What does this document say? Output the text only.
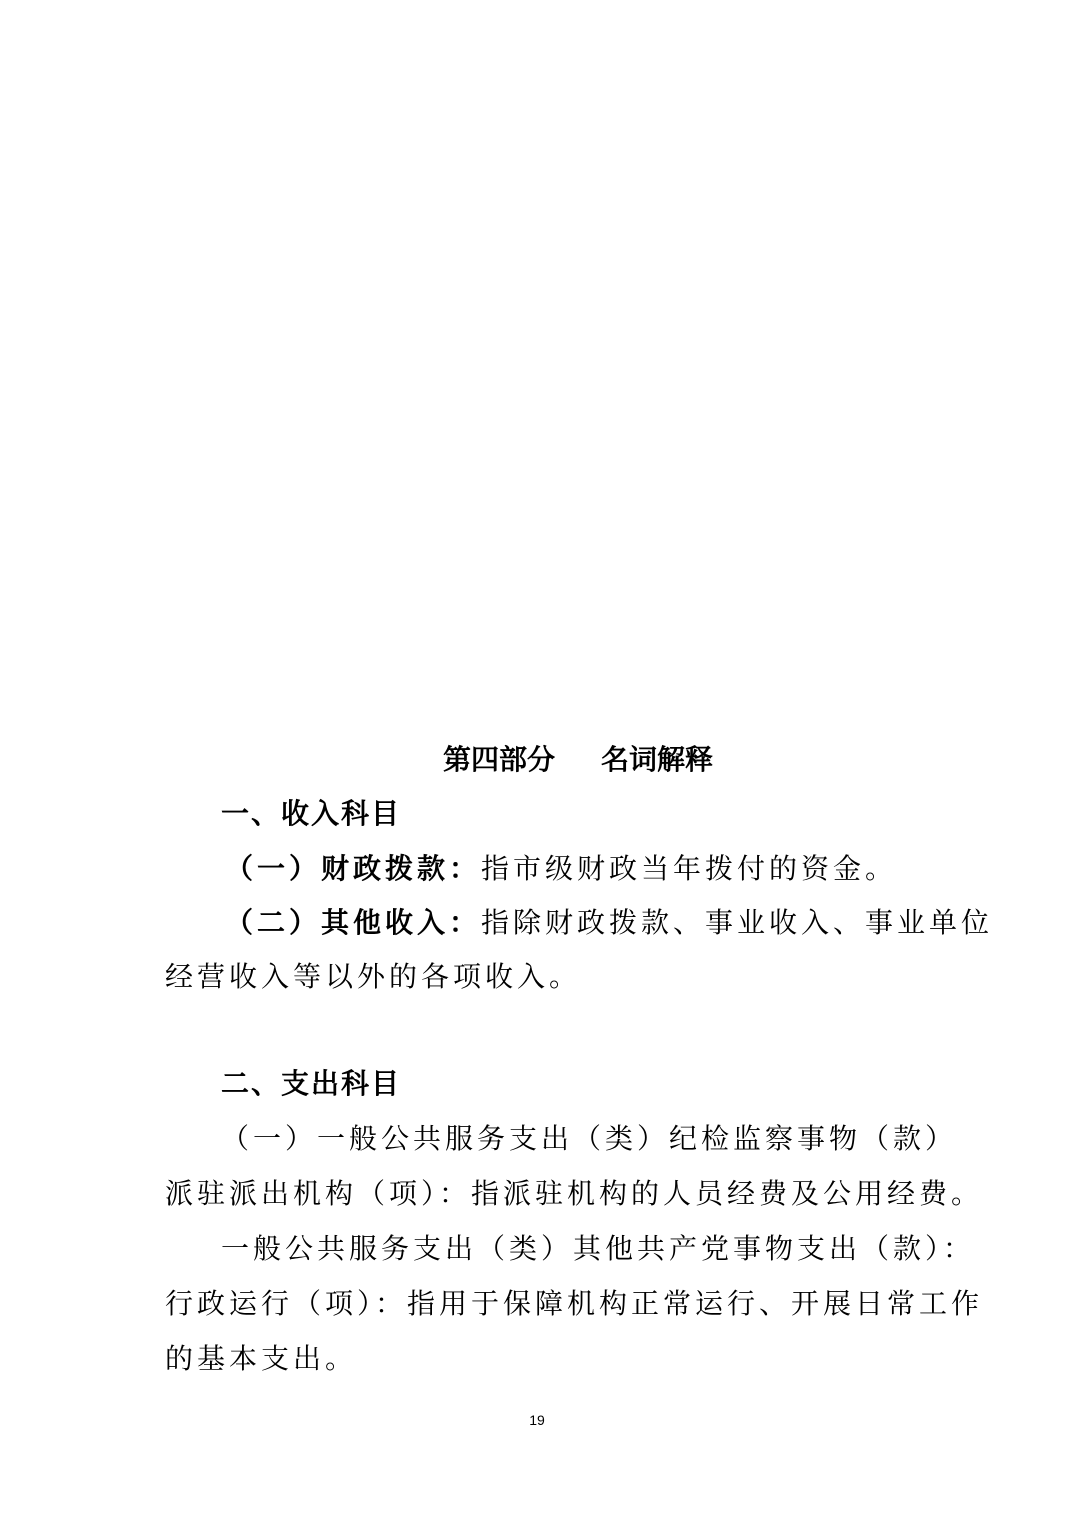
第四部分 名词解释
一、收入科目
（一）财政拨款：指市级财政当年拨付的资金。
（二）其他收入：指除财政拨款、事业收入、事业单位
经营收入等以外的各项收入。
二、支出科目
（一）一般公共服务支出（类）纪检监察事物（款）
派驻派出机构（项）：指派驻机构的人员经费及公用经费。
一般公共服务支出（类）其他共产党事物支出（款）：
行政运行（项）：指用于保障机构正常运行、开展日常工作
的基本支出。
19
